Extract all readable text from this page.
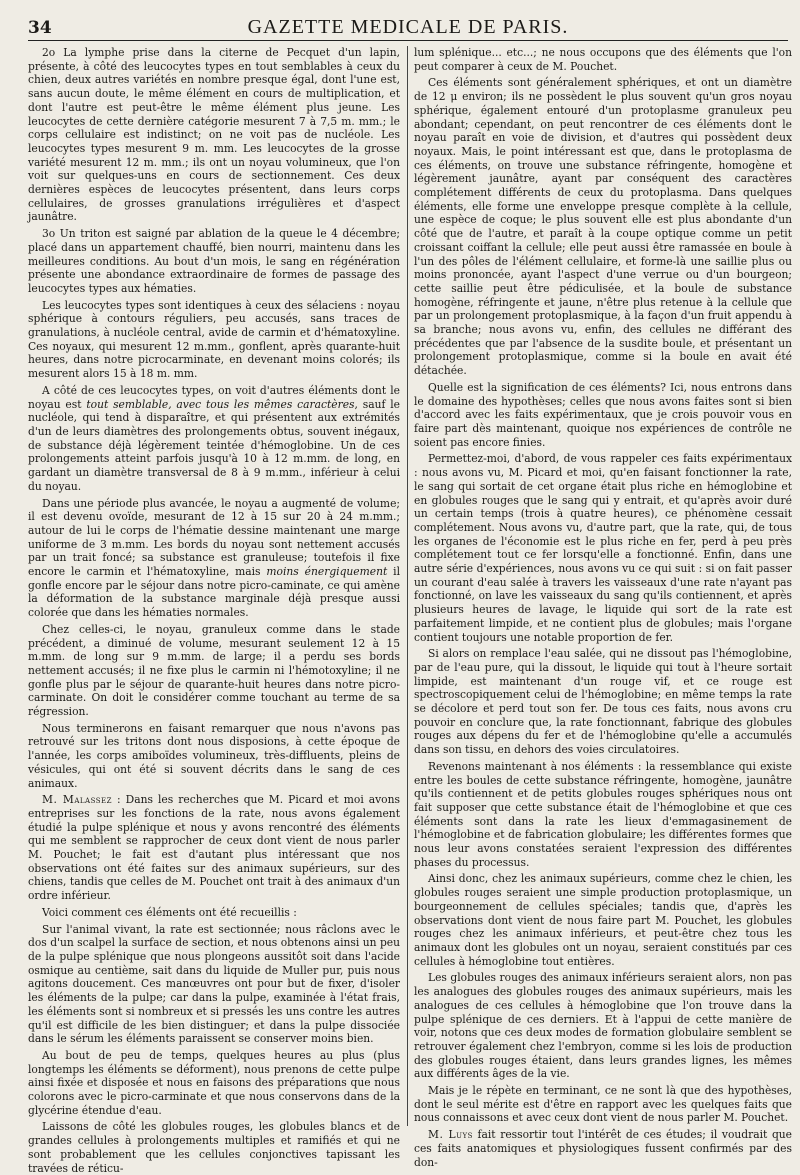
34	GAZETTE MEDICALE DE PARIS.

2o La lymphe prise dans la citerne de Pecquet d'un lapin, présente, à côté des leucocytes types en tout semblables à ceux du chien, deux autres variétés en nombre presque égal, dont l'une est, sans aucun doute, le même élément en cours de multiplication, et dont l'autre est peut-être le même élément plus jeune. Les leucocytes de cette dernière catégorie mesurent 7 à 7,5 m. mm.; le corps cellulaire est indistinct; on ne voit pas de nucléole. Les leucocytes types mesurent 9 m. mm. Les leucocytes de la grosse variété mesurent 12 m. mm.; ils ont un noyau volumineux, que l'on voit sur quelques-uns en cours de sectionnement. Ces deux dernières espèces de leucocytes présentent, dans leurs corps cellulaires, de grosses granulations irrégulières et d'aspect jaunâtre.

3o Un triton est saigné par ablation de la queue le 4 décembre; placé dans un appartement chauffé, bien nourri, maintenu dans les meilleures conditions. Au bout d'un mois, le sang en régénération présente une abondance extraordinaire de formes de passage des leucocytes types aux hématies.

Les leucocytes types sont identiques à ceux des sélaciens : noyau sphérique à contours réguliers, peu accusés, sans traces de granulations, à nucléole central, avide de carmin et d'hématoxyline. Ces noyaux, qui mesurent 12 m.mm., gonflent, après quarante-huit heures, dans notre picrocarminate, en devenant moins colorés; ils mesurent alors 15 à 18 m. mm.

A côté de ces leucocytes types, on voit d'autres éléments dont le noyau est tout semblable, avec tous les mêmes caractères, sauf le nucléole, qui tend à disparaître, et qui présentent aux extrémités d'un de leurs diamètres des prolongements obtus, souvent inégaux, de substance déjà légèrement teintée d'hémoglobine. Un de ces prolongements atteint parfois jusqu'à 10 à 12 m.mm. de long, en gardant un diamètre transversal de 8 à 9 m.mm., inférieur à celui du noyau.

Dans une période plus avancée, le noyau a augmenté de volume; il est devenu ovoïde, mesurant de 12 à 15 sur 20 à 24 m.mm.; autour de lui le corps de l'hématie dessine maintenant une marge uniforme de 3 m.mm. Les bords du noyau sont nettement accusés par un trait foncé; sa substance est granuleuse; toutefois il fixe encore le carmin et l'hématoxyline, mais moins énergiquement il gonfle encore par le séjour dans notre picro-caminate, ce qui amène la déformation de la substance marginale déjà presque aussi colorée que dans les hématies normales.

Chez celles-ci, le noyau, granuleux comme dans le stade précédent, a diminué de volume, mesurant seulement 12 à 15 m.mm. de long sur 9 m.mm. de large; il a perdu ses bords nettement accusés; il ne fixe plus le carmin ni l'hémotoxyline; il ne gonfle plus par le séjour de quarante-huit heures dans notre picro-carminate. On doit le considérer comme touchant au terme de sa régression.

Nous terminerons en faisant remarquer que nous n'avons pas retrouvé sur les tritons dont nous disposions, à cette époque de l'année, les corps amiboïdes volumineux, très-diffluents, pleins de vésicules, qui ont été si souvent décrits dans le sang de ces animaux.

M. Malassez : Dans les recherches que M. Picard et moi avons entreprises sur les fonctions de la rate, nous avons également étudié la pulpe splénique et nous y avons rencontré des éléments qui me semblent se rapprocher de ceux dont vient de nous parler M. Pouchet; le fait est d'autant plus intéressant que nos observations ont été faites sur des animaux supérieurs, sur des chiens, tandis que celles de M. Pouchet ont trait à des animaux d'un ordre inférieur.

Voici comment ces éléments ont été recueillis :

Sur l'animal vivant, la rate est sectionnée; nous râclons avec le dos d'un scalpel la surface de section, et nous obtenons ainsi un peu de la pulpe splénique que nous plongeons aussitôt soit dans l'acide osmique au centième, sait dans du liquide de Muller pur, puis nous agitons doucement. Ces manœuvres ont pour but de fixer, d'isoler les éléments de la pulpe; car dans la pulpe, examinée à l'état frais, les éléments sont si nombreux et si pressés les uns contre les autres qu'il est difficile de les bien distinguer; et dans la pulpe dissociée dans le sérum les éléments paraissent se conserver moins bien.

Au bout de peu de temps, quelques heures au plus (plus longtemps les éléments se déforment), nous prenons de cette pulpe ainsi fixée et disposée et nous en faisons des préparations que nous colorons avec le picro-carminate et que nous conservons dans de la glycérine étendue d'eau.

Laissons de côté les globules rouges, les globules blancs et de grandes cellules à prolongements multiples et ramifiés et qui ne sont probablement que les cellules conjonctives tapissant les travées de réticu-

lum splénique... etc...; ne nous occupons que des éléments que l'on peut comparer à ceux de M. Pouchet.

Ces éléments sont généralement sphériques, et ont un diamètre de 12 μ environ; ils ne possèdent le plus souvent qu'un gros noyau sphérique, également entouré d'un protoplasme granuleux peu abondant; cependant, on peut rencontrer de ces éléments dont le noyau paraît en voie de division, et d'autres qui possèdent deux noyaux. Mais, le point intéressant est que, dans le protoplasma de ces éléments, on trouve une substance réfringente, homogène et légèrement jaunâtre, ayant par conséquent des caractères complétement différents de ceux du protoplasma. Dans quelques éléments, elle forme une enveloppe presque complète à la cellule, une espèce de coque; le plus souvent elle est plus abondante d'un côté que de l'autre, et paraît à la coupe optique comme un petit croissant coiffant la cellule; elle peut aussi être ramassée en boule à l'un des pôles de l'élément cellulaire, et forme-là une saillie plus ou moins prononcée, ayant l'aspect d'une verrue ou d'un bourgeon; cette saillie peut être pédiculisée, et la boule de substance homogène, réfringente et jaune, n'être plus retenue à la cellule que par un prolongement protoplasmique, à la façon d'un fruit appendu à sa branche; nous avons vu, enfin, des cellules ne différant des précédentes que par l'absence de la susdite boule, et présentant un prolongement protoplasmique, comme si la boule en avait été détachée.

Quelle est la signification de ces éléments? Ici, nous entrons dans le domaine des hypothèses; celles que nous avons faites sont si bien d'accord avec les faits expérimentaux, que je crois pouvoir vous en faire part dès maintenant, quoique nos expériences de contrôle ne soient pas encore finies.

Permettez-moi, d'abord, de vous rappeler ces faits expérimentaux : nous avons vu, M. Picard et moi, qu'en faisant fonctionner la rate, le sang qui sortait de cet organe était plus riche en hémoglobine et en globules rouges que le sang qui y entrait, et qu'après avoir duré un certain temps (trois à quatre heures), ce phénomène cessait complétement. Nous avons vu, d'autre part, que la rate, qui, de tous les organes de l'économie est le plus riche en fer, perd à peu près complétement tout ce fer lorsqu'elle a fonctionné. Enfin, dans une autre série d'expériences, nous avons vu ce qui suit : si on fait passer un courant d'eau salée à travers les vaisseaux d'une rate n'ayant pas fonctionné, on lave les vaisseaux du sang qu'ils contiennent, et après plusieurs heures de lavage, le liquide qui sort de la rate est parfaitement limpide, et ne contient plus de globules; mais l'organe contient toujours une notable proportion de fer.

Si alors on remplace l'eau salée, qui ne dissout pas l'hémoglobine, par de l'eau pure, qui la dissout, le liquide qui tout à l'heure sortait limpide, est maintenant d'un rouge vif, et ce rouge est spectroscopiquement celui de l'hémoglobine; en même temps la rate se décolore et perd tout son fer. De tous ces faits, nous avons cru pouvoir en conclure que, la rate fonctionnant, fabrique des globules rouges aux dépens du fer et de l'hémoglobine qu'elle a accumulés dans son tissu, en dehors des voies circulatoires.

Revenons maintenant à nos éléments : la ressemblance qui existe entre les boules de cette substance réfringente, homogène, jaunâtre qu'ils contiennent et de petits globules rouges sphériques nous ont fait supposer que cette substance était de l'hémoglobine et que ces éléments sont dans la rate les lieux d'emmagasinement de l'hémoglobine et de fabrication globulaire; les différentes formes que nous leur avons constatées seraient l'expression des différentes phases du processus.

Ainsi donc, chez les animaux supérieurs, comme chez le chien, les globules rouges seraient une simple production protoplasmique, un bourgeonnement de cellules spéciales; tandis que, d'après les observations dont vient de nous faire part M. Pouchet, les globules rouges chez les animaux inférieurs, et peut-être chez tous les animaux dont les globules ont un noyau, seraient constitués par ces cellules à hémoglobine tout entières.

Les globules rouges des animaux inférieurs seraient alors, non pas les analogues des globules rouges des animaux supérieurs, mais les analogues de ces cellules à hémoglobine que l'on trouve dans la pulpe splénique de ces derniers. Et à l'appui de cette manière de voir, notons que ces deux modes de formation globulaire semblent se retrouver également chez l'embryon, comme si les lois de production des globules rouges étaient, dans leurs grandes lignes, les mêmes aux différents âges de la vie.

Mais je le répète en terminant, ce ne sont là que des hypothèses, dont le seul mérite est d'être en rapport avec les quelques faits que nous connaissons et avec ceux dont vient de nous parler M. Pouchet.

M. Luys fait ressortir tout l'intérêt de ces études; il voudrait que ces faits anatomiques et physiologiques fussent confirmés par des don-
